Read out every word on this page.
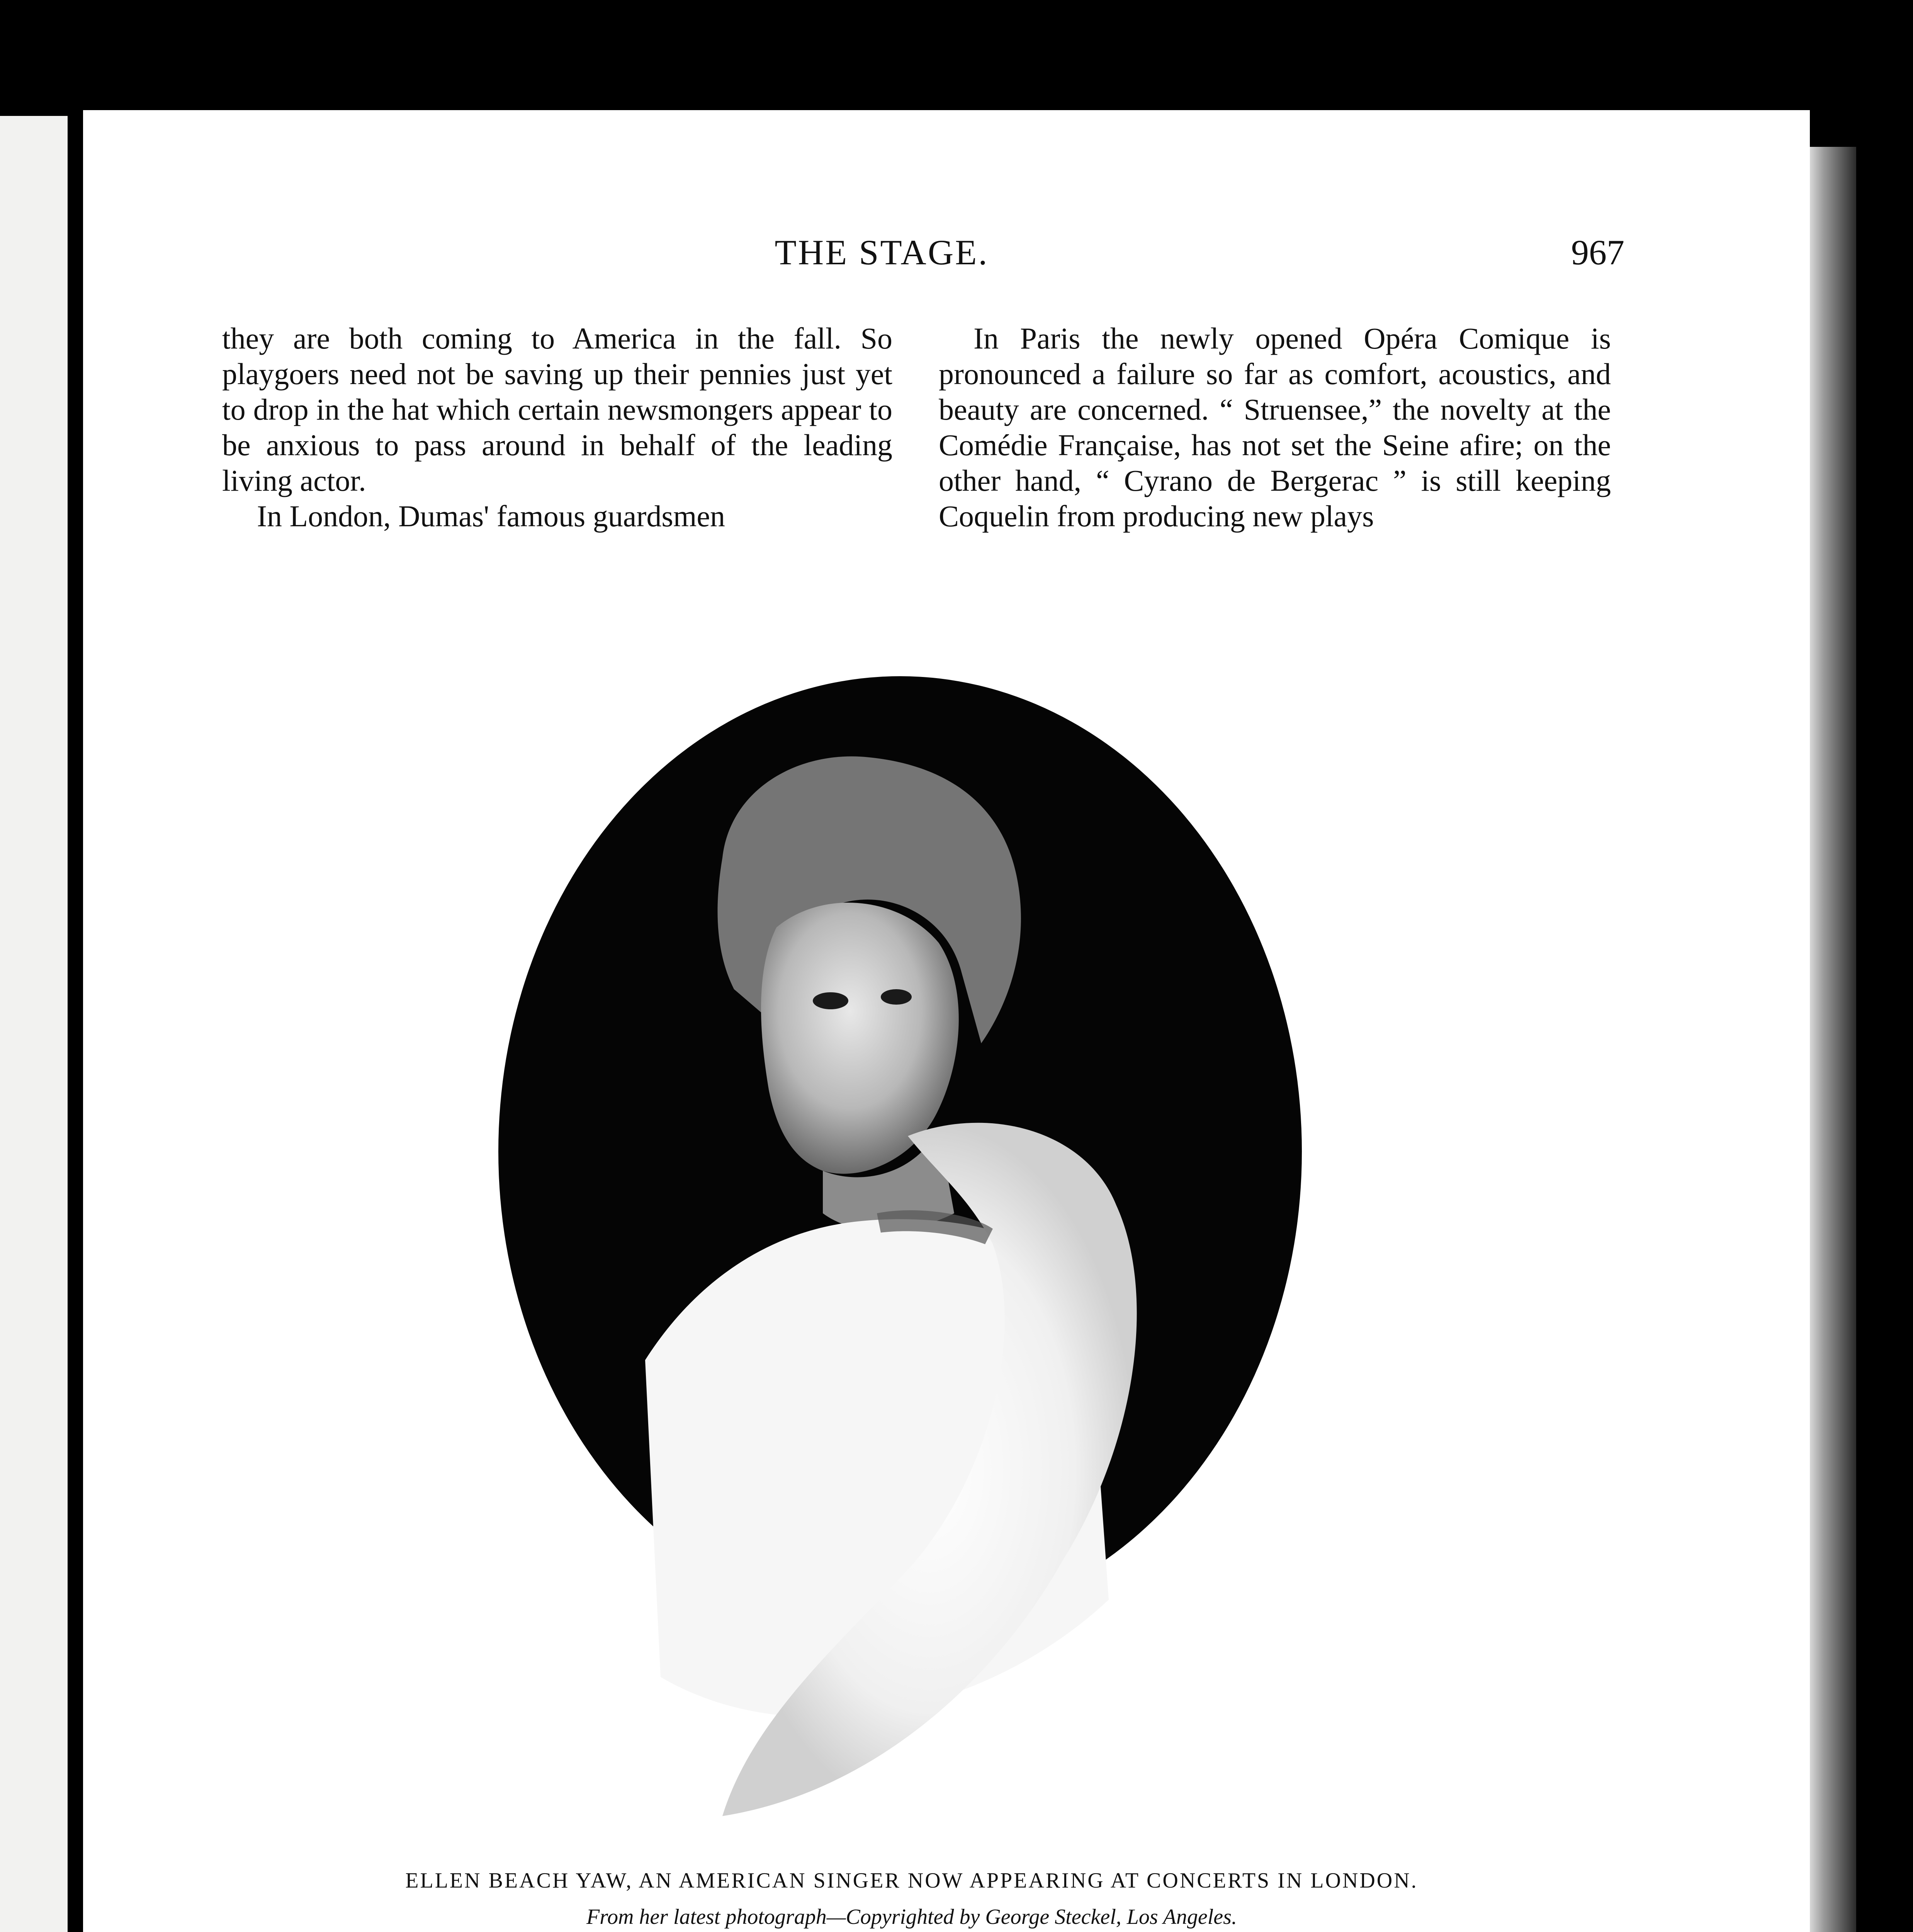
THE STAGE.	967

they are both coming to America in the fall. So playgoers need not be saving up their pennies just yet to drop in the hat which certain newsmongers appear to be anxious to pass around in behalf of the leading living actor.

In London, Dumas' famous guardsmen

In Paris the newly opened Opéra Comique is pronounced a failure so far as comfort, acoustics, and beauty are concerned. “ Struensee,” the novelty at the Comédie Française, has not set the Seine afire; on the other hand, “ Cyrano de Bergerac ” is still keeping Coquelin from producing new plays

ELLEN BEACH YAW, AN AMERICAN SINGER NOW APPEARING AT CONCERTS IN LONDON.
From her latest photograph—Copyrighted by George Steckel, Los Angeles.
